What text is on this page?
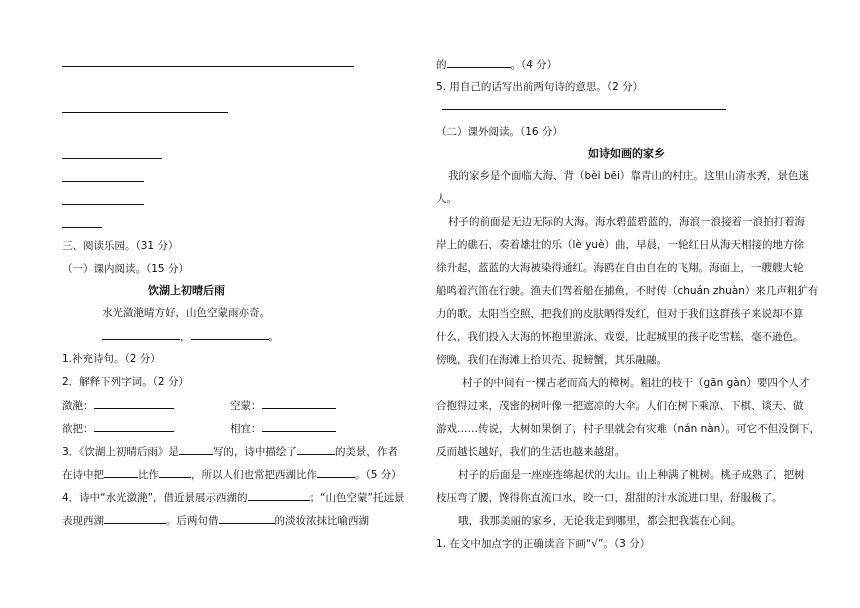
三、阅读乐园。（31 分）
（一）课内阅读。（15 分）
饮湖上初晴后雨
水光潋滟晴方好，山色空蒙雨亦奇。
，	。
1.补充诗句。（2 分）
2．解释下列字词。（2 分）
潋滟：	空蒙：
欲把：	相宜：
3．《饮湖上初晴后雨》是	写的，诗中描绘了	的美景，作者
在诗中把	比作	，所以人们也常把西湖比作	。（5 分）
4．诗中“水光潋滟”，借近景展示西湖的	；“山色空蒙”托远景
表现西湖	。后两句借	的淡妆浓抹比喻西湖
的	。（4 分）
5. 用自己的话写出前两句诗的意思。（2 分）
（二）课外阅读。（16 分）
如诗如画的家乡
我的家乡是个面临大海、背（bèi bēi）靠青山的村庄。这里山清水秀，景色迷
人。
村子的前面是无边无际的大海。海水碧蓝碧蓝的，海浪一浪接着一浪拍打着海
岸上的礁石，奏着雄壮的乐（lè yuè）曲，早晨，一轮红日从海天相接的地方徐
徐升起，蓝蓝的大海被染得通红。海鸥在自由自在的飞翔。海面上，一艘艘大轮
船鸣着汽笛在行驶。渔夫们驾着船在捕鱼，不时传（chuán zhuàn）来几声粗犷有
力的歌。太阳当空照，把我们的皮肤晒得发红，但对于我们这群孩子来说却不算
什么，我们投入大海的怀抱里游泳、戏耍，比起城里的孩子吃雪糕，毫不逊色。
傍晚，我们在海滩上拾贝壳、捉螃蟹，其乐融融。
村子的中间有一棵古老而高大的樟树。粗壮的枝干（gān gàn）要四个人才
合抱得过来，茂密的树叶像一把遮凉的大伞。人们在树下乘凉、下棋、谈天、做
游戏……传说，大树如果倒了，村子里就会有灾难（nán nàn）。可它不但没倒下，
反而越长越好，我们的生活也越来越甜。
村子的后面是一座座连绵起伏的大山。山上种满了桃树。桃子成熟了，把树
枝压弯了腰，馋得你直流口水，咬一口，甜甜的汁水流进口里，舒服极了。
哦，我那美丽的家乡，无论我走到哪里，都会把我装在心间。
1. 在文中加点字的正确读音下画“√”。（3 分）
